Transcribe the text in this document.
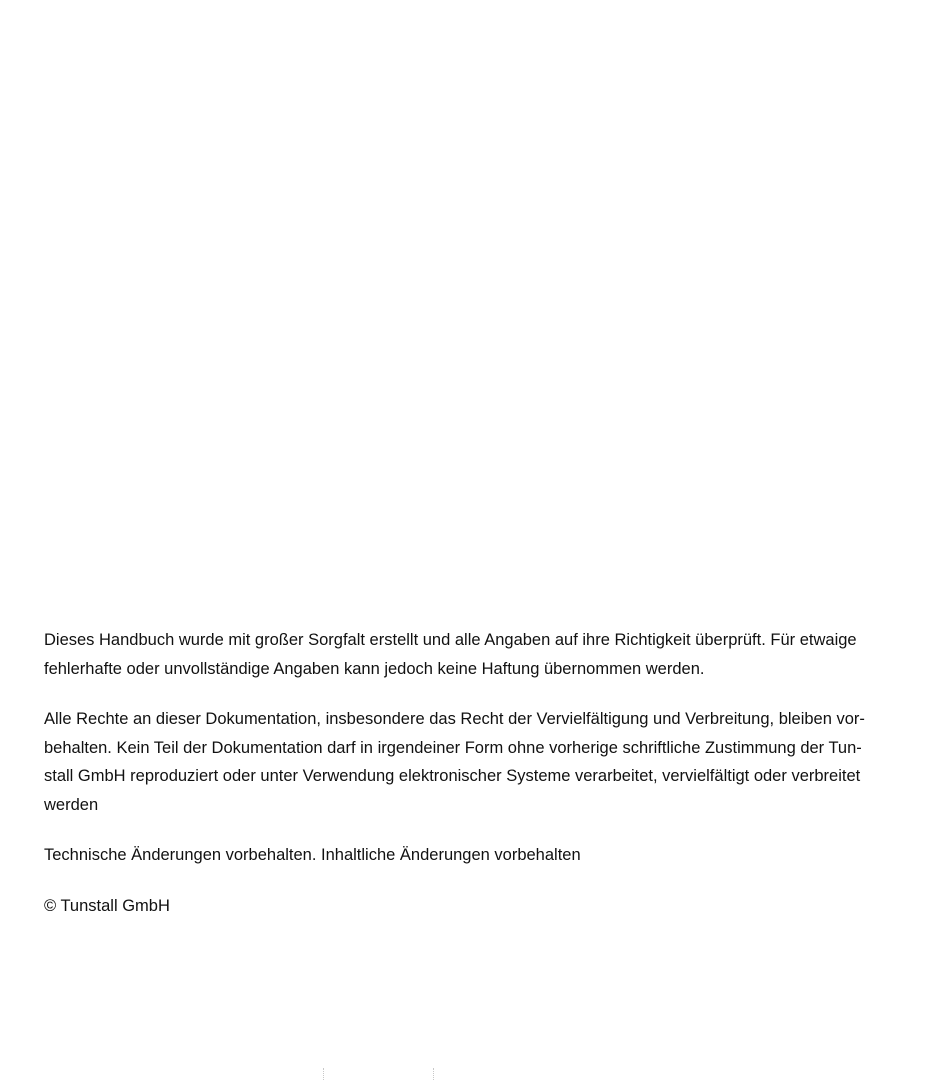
Dieses Handbuch wurde mit großer Sorgfalt erstellt und alle Angaben auf ihre Richtigkeit überprüft. Für etwaige
fehlerhafte oder unvollständige Angaben kann jedoch keine Haftung übernommen werden.

Alle Rechte an dieser Dokumentation, insbesondere das Recht der Vervielfältigung und Verbreitung, bleiben vor-
behalten. Kein Teil der Dokumentation darf in irgendeiner Form ohne vorherige schriftliche Zustimmung der Tun-
stall GmbH reproduziert oder unter Verwendung elektronischer Systeme verarbeitet, vervielfältigt oder verbreitet
werden

Technische Änderungen vorbehalten. Inhaltliche Änderungen vorbehalten

© Tunstall GmbH
